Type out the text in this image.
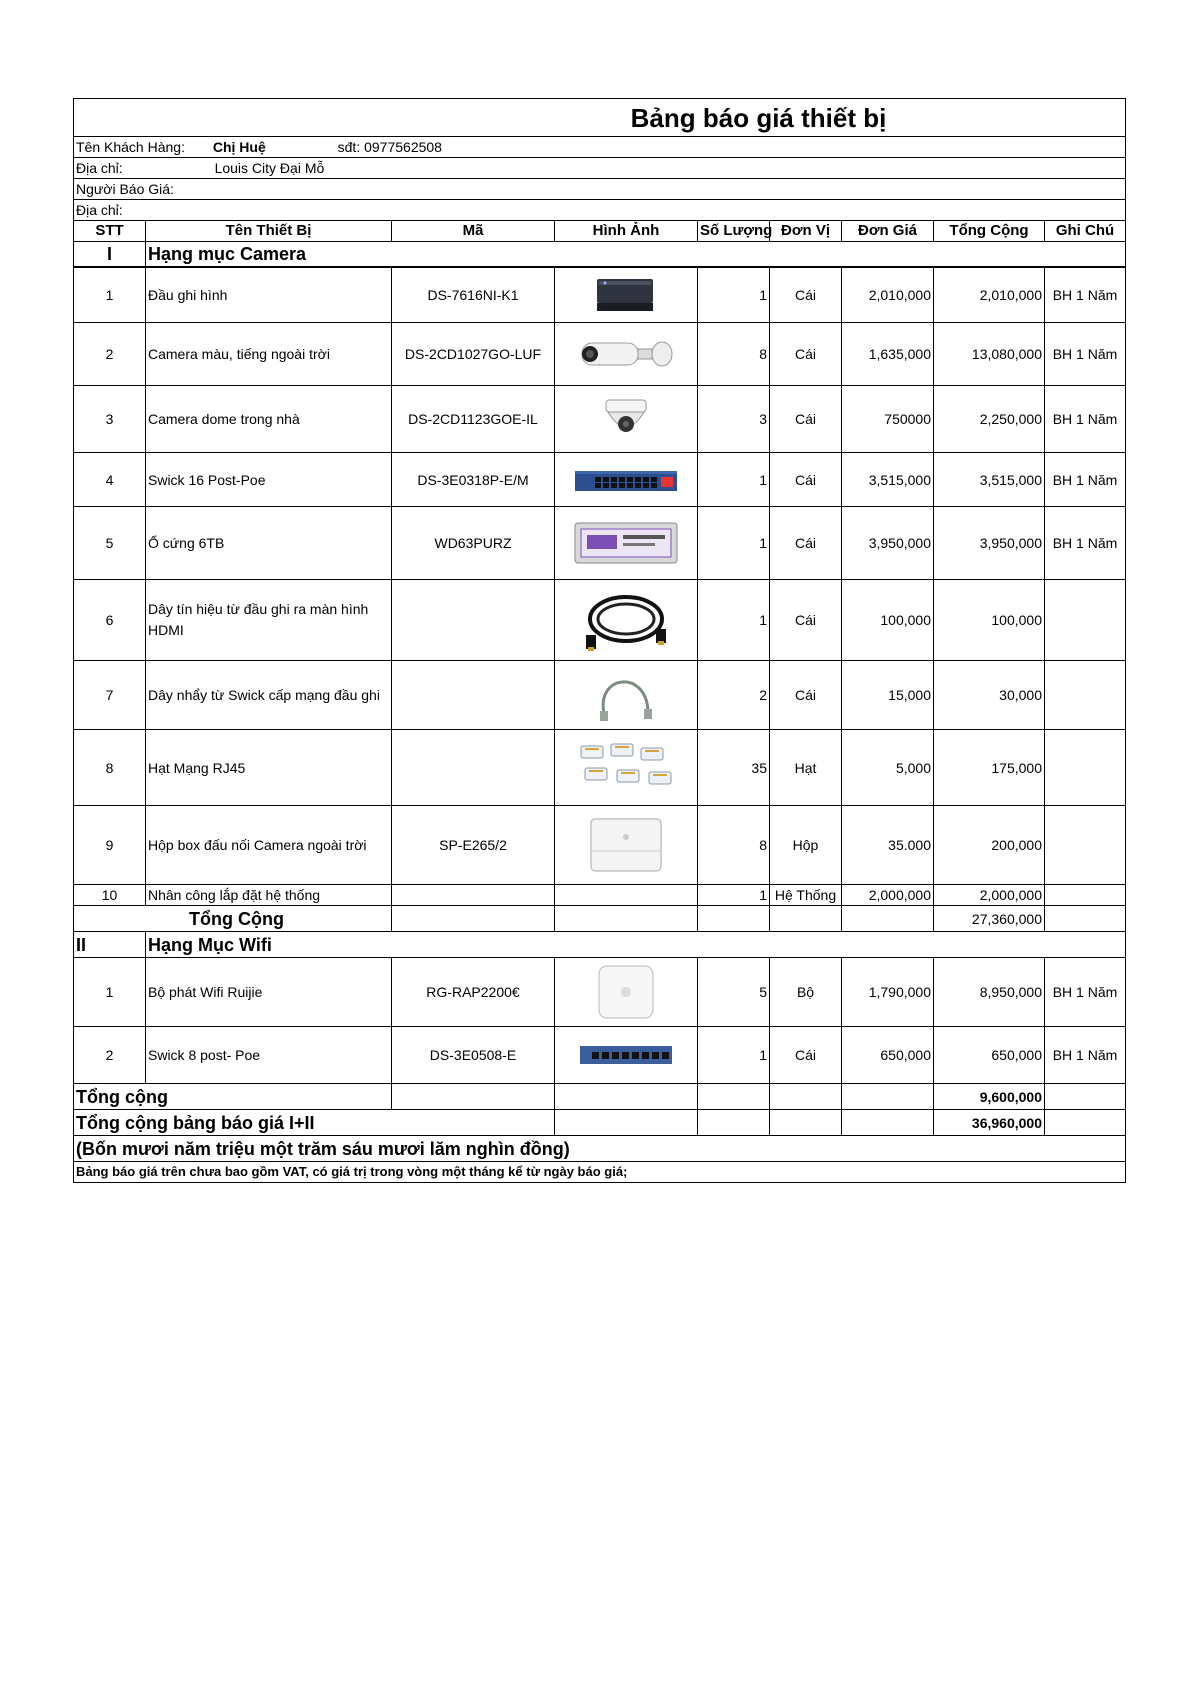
Bảng báo giá thiết bị								
Tên Khách Hàng: Chị Huệ sđt: 0977562508								
Địa chỉ: Louis City Đại Mỗ								
Người Báo Giá:								
Địa chỉ:								
STT	Tên Thiết Bị	Mã	Hình Ảnh	Số Lượng	Đơn Vị	Đơn Giá	Tổng Cộng	Ghi Chú
I	Hạng mục Camera							
1	Đầu ghi hình	DS-7616NI-K1		1	Cái	2,010,000	2,010,000	BH 1 Năm
2	Camera màu, tiếng ngoài trời	DS-2CD1027GO-LUF		8	Cái	1,635,000	13,080,000	BH 1 Năm
3	Camera dome trong nhà	DS-2CD1123GOE-IL		3	Cái	750000	2,250,000	BH 1 Năm
4	Swick 16 Post-Poe	DS-3E0318P-E/M		1	Cái	3,515,000	3,515,000	BH 1 Năm
5	Ổ cứng 6TB	WD63PURZ		1	Cái	3,950,000	3,950,000	BH 1 Năm
6	Dây tín hiệu từ đầu ghi ra màn hình HDMI			1	Cái	100,000	100,000	
7	Dây nhẩy từ Swick cấp mạng đầu ghi			2	Cái	15,000	30,000	
8	Hạt Mạng RJ45			35	Hạt	5,000	175,000	
9	Hộp box đấu nối Camera ngoài trời	SP-E265/2		8	Hộp	35.000	200,000	
10	Nhân công lắp đặt hệ thống			1	Hệ Thống	2,000,000	2,000,000	
Tổng Cộng							27,360,000	
II	Hạng Mục Wifi							
1	Bộ phát Wifi Ruijie	RG-RAP2200€		5	Bộ	1,790,000	8,950,000	BH 1 Năm
2	Swick 8 post- Poe	DS-3E0508-E		1	Cái	650,000	650,000	BH 1 Năm
Tổng cộng							9,600,000	
Tổng cộng bảng báo giá I+II							36,960,000	
(Bốn mươi năm triệu một trăm sáu mươi lăm nghìn đồng)								
Bảng báo giá trên chưa bao gồm VAT, có giá trị trong vòng một tháng kể từ ngày báo giá;								
